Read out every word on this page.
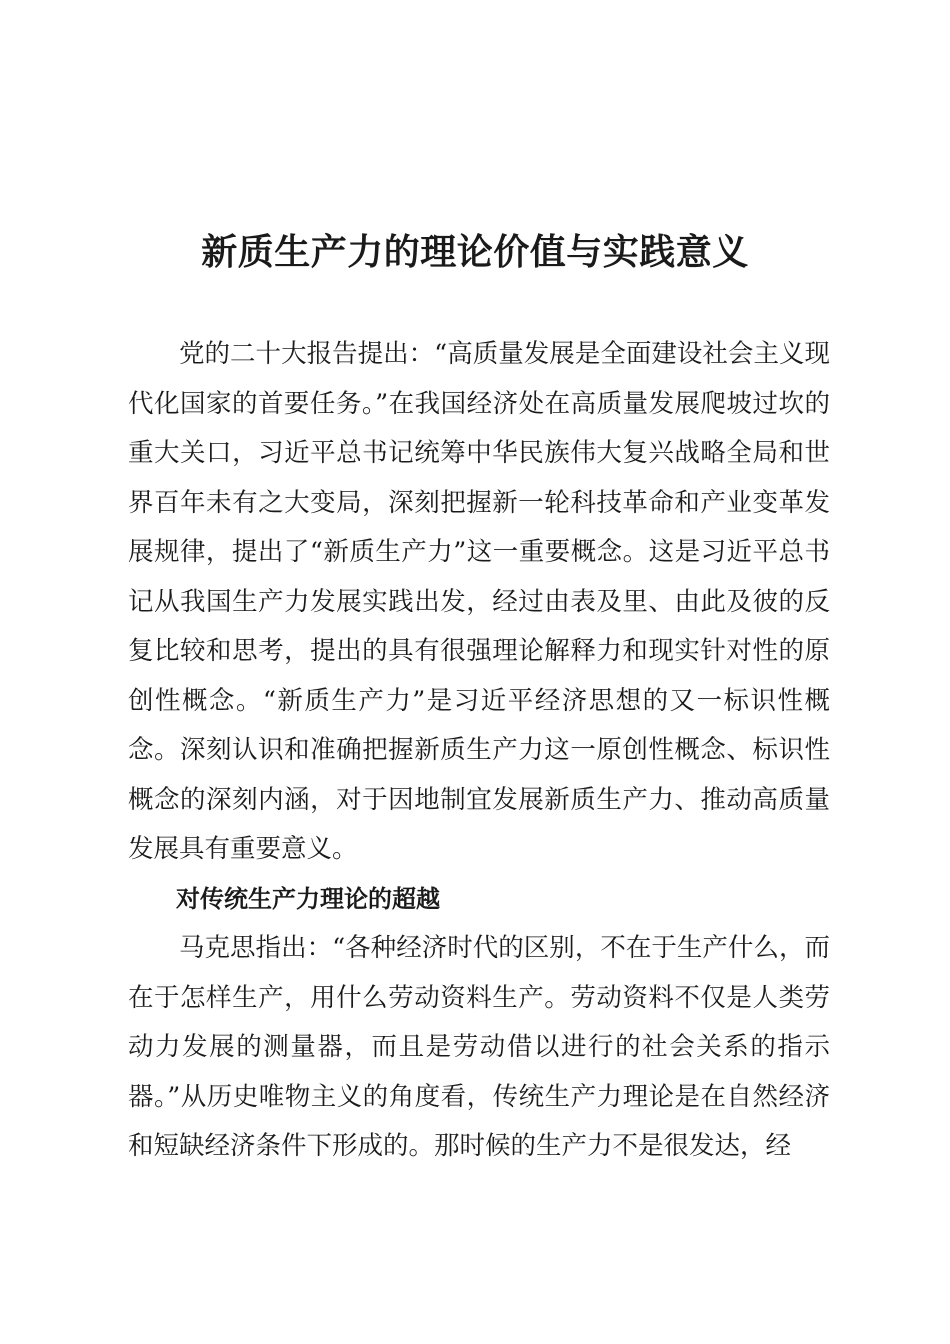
新质生产力的理论价值与实践意义

党的二十大报告提出：“高质量发展是全面建设社会主义现代化国家的首要任务。”在我国经济处在高质量发展爬坡过坎的重大关口，习近平总书记统筹中华民族伟大复兴战略全局和世界百年未有之大变局，深刻把握新一轮科技革命和产业变革发展规律，提出了“新质生产力”这一重要概念。这是习近平总书记从我国生产力发展实践出发，经过由表及里、由此及彼的反复比较和思考，提出的具有很强理论解释力和现实针对性的原创性概念。“新质生产力”是习近平经济思想的又一标识性概念。深刻认识和准确把握新质生产力这一原创性概念、标识性概念的深刻内涵，对于因地制宜发展新质生产力、推动高质量发展具有重要意义。

对传统生产力理论的超越

马克思指出：“各种经济时代的区别，不在于生产什么，而在于怎样生产，用什么劳动资料生产。劳动资料不仅是人类劳动力发展的测量器，而且是劳动借以进行的社会关系的指示器。”从历史唯物主义的角度看，传统生产力理论是在自然经济和短缺经济条件下形成的。那时候的生产力不是很发达，经
